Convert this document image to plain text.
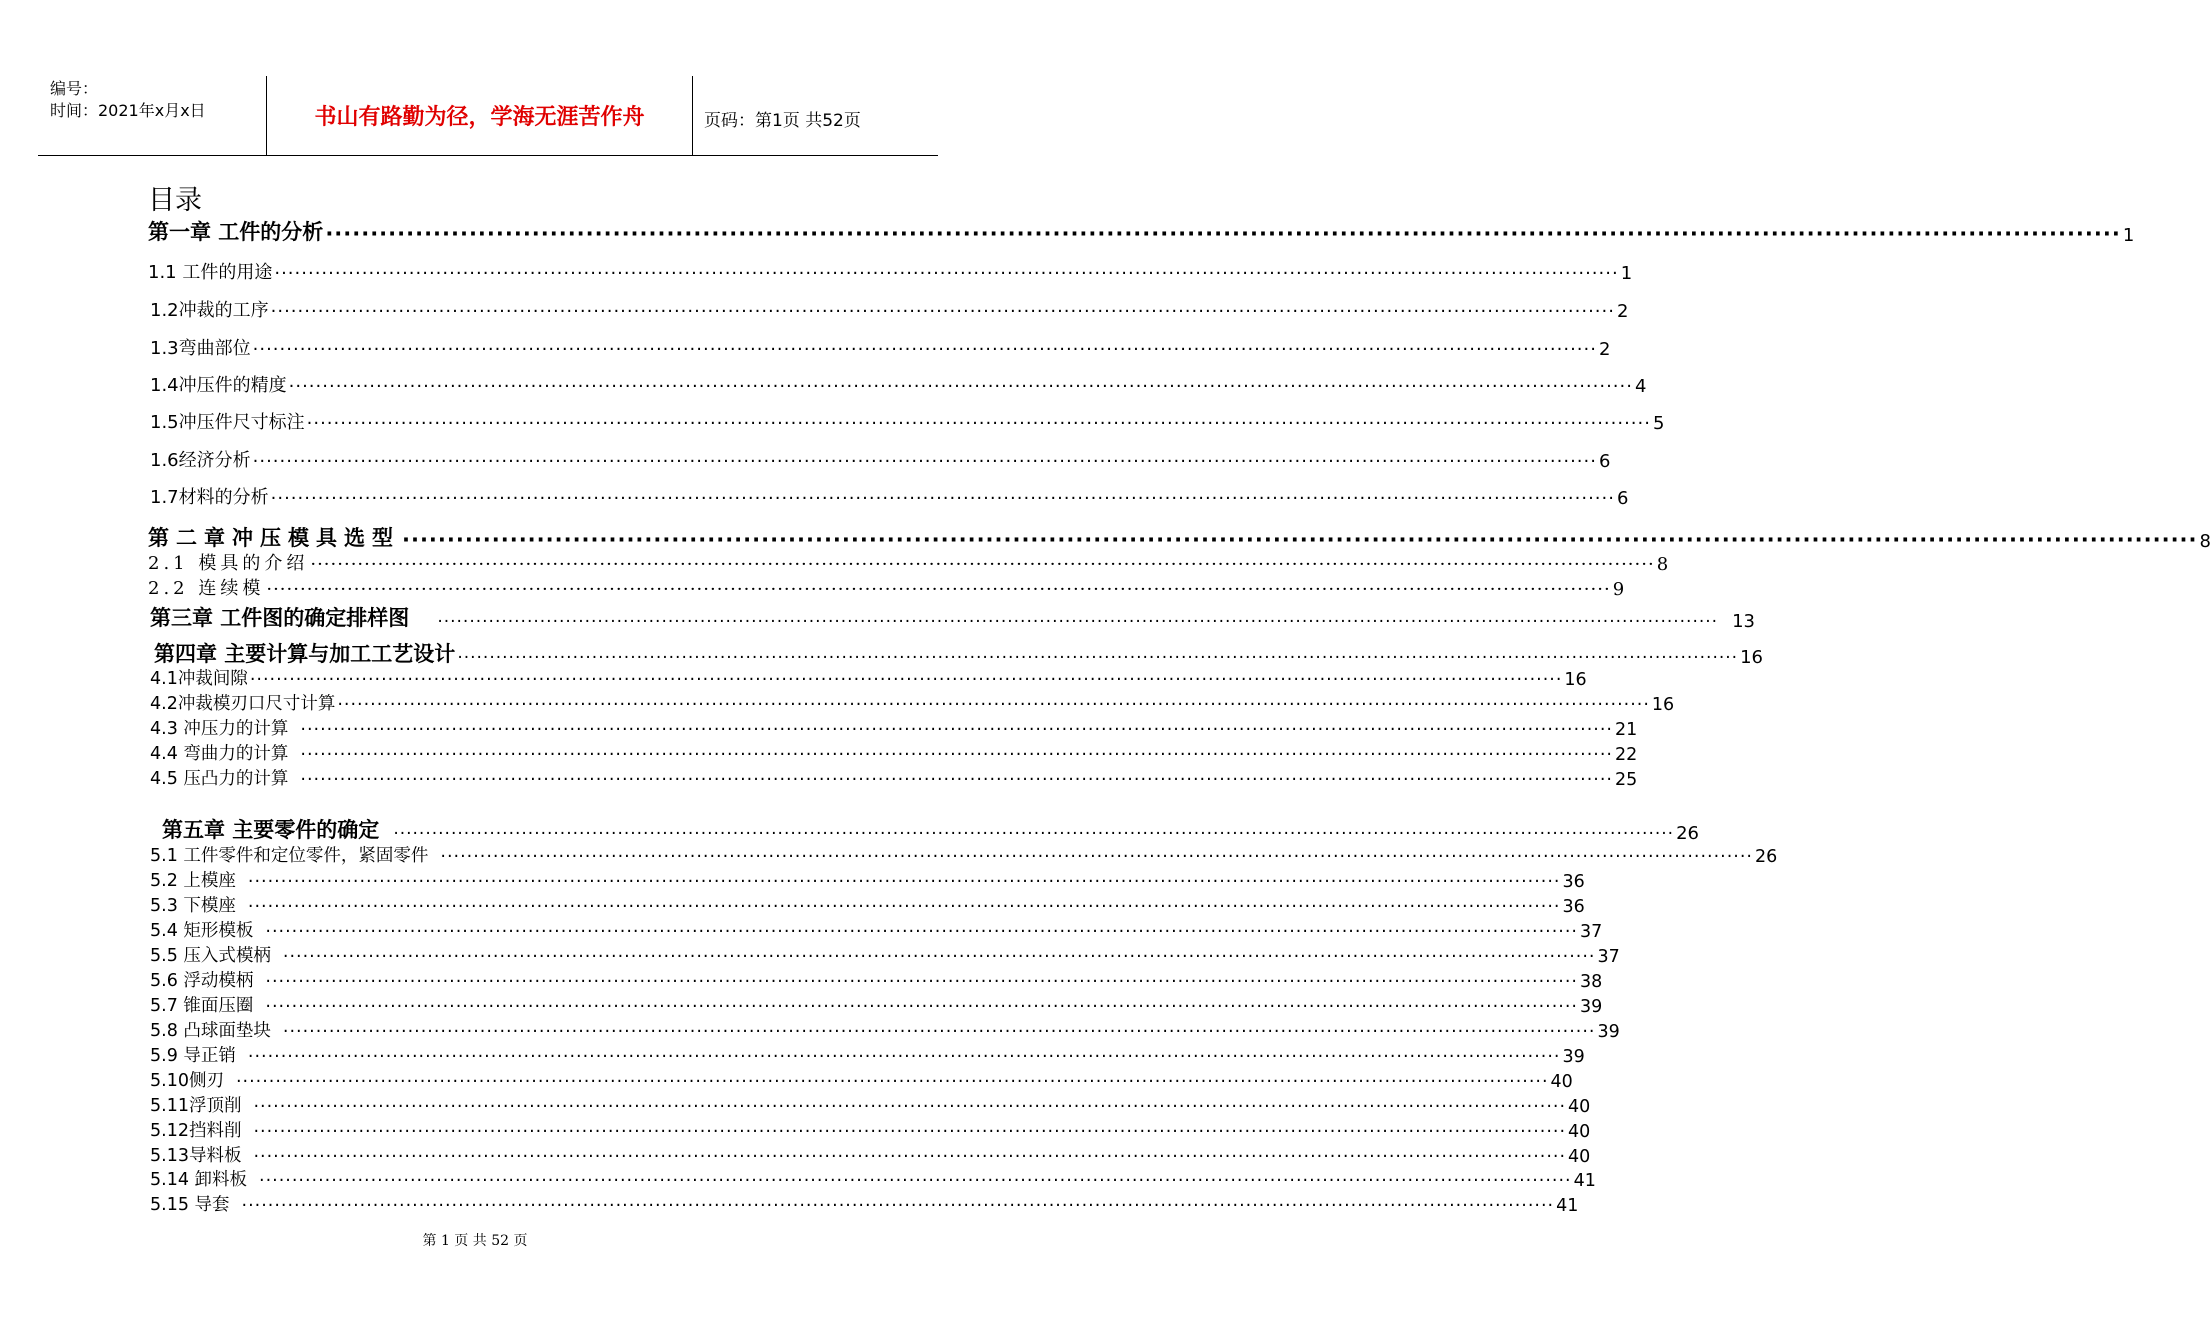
编号：
时间：2021年x月x日	书山有路勤为径，学海无涯苦作舟	页码：第1页 共52页
目录
第一章 工件的分析 ········································································································································································································ 1
1.1 工件的用途 ········································································································································································································ 1
1.2冲裁的工序 ········································································································································································································ 2
1.3弯曲部位 ········································································································································································································ 2
1.4冲压件的精度 ········································································································································································································ 4
1.5冲压件尺寸标注 ········································································································································································································ 5
1.6经济分析 ········································································································································································································ 6
1.7材料的分析 ········································································································································································································ 6
第二章冲压模具选型 ········································································································································································································ 8
2.1 模具的介绍 ········································································································································································································ 8
2.2 连续模 ········································································································································································································ 9
第三章 工件图的确定排样图 ········································································································································································································ 13
第四章 主要计算与加工工艺设计 ········································································································································································································ 16
4.1冲裁间隙 ········································································································································································································ 16
4.2冲裁模刃口尺寸计算 ········································································································································································································ 16
4.3 冲压力的计算 ········································································································································································································ 21
4.4 弯曲力的计算 ········································································································································································································ 22
4.5 压凸力的计算 ········································································································································································································ 25
第五章 主要零件的确定 ········································································································································································································ 26
5.1 工件零件和定位零件，紧固零件 ········································································································································································································ 26
5.2 上模座 ········································································································································································································ 36
5.3 下模座 ········································································································································································································ 36
5.4 矩形模板 ········································································································································································································ 37
5.5 压入式模柄 ········································································································································································································ 37
5.6 浮动模柄 ········································································································································································································ 38
5.7 锥面压圈 ········································································································································································································ 39
5.8 凸球面垫块 ········································································································································································································ 39
5.9 导正销 ········································································································································································································ 39
5.10侧刃 ········································································································································································································ 40
5.11浮顶削 ········································································································································································································ 40
5.12挡料削 ········································································································································································································ 40
5.13导料板 ········································································································································································································ 40
5.14 卸料板 ········································································································································································································ 41
5.15 导套 ········································································································································································································ 41
第 1 页 共 52 页
